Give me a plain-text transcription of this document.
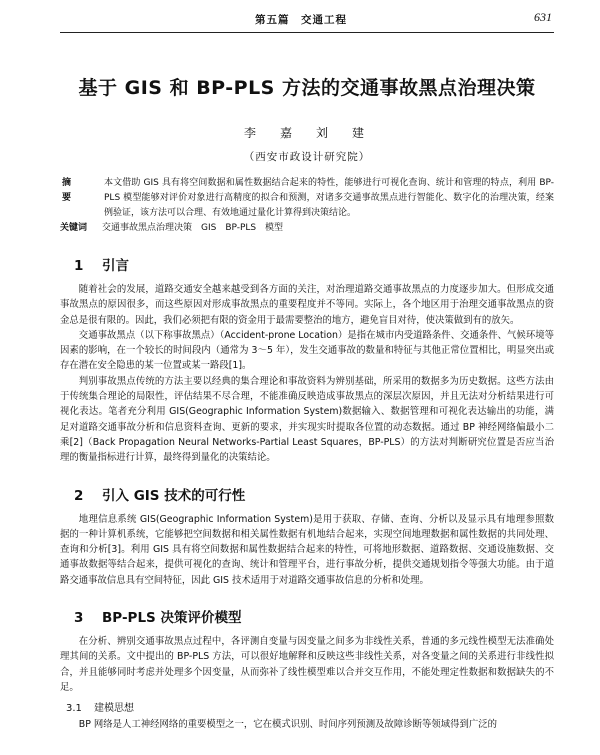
第五篇　交通工程	631
基于 GIS 和 BP-PLS 方法的交通事故黑点治理决策
李　嘉　刘　建
（西安市政设计研究院）
摘　要
本文借助 GIS 具有将空间数据和属性数据结合起来的特性，能够进行可视化查询、统计和管理的特点，利用 BP-PLS 模型能够对评价对象进行高精度的拟合和预测，对诸多交通事故黑点进行智能化、数字化的治理决策，经案例验证，该方法可以合理、有效地通过量化计算得到决策结论。
关键词	交通事故黑点治理决策　GIS　BP-PLS 模型
1 引言

随着社会的发展，道路交通安全越来越受到各方面的关注，对治理道路交通事故黑点的力度逐步加大。但形成交通事故黑点的原因很多，而这些原因对形成事故黑点的重要程度并不等同。实际上，各个地区用于治理交通事故黑点的资金总是很有限的。因此，我们必须把有限的资金用于最需要整治的地方，避免盲目对待，使决策做到有的放矢。

交通事故黑点（以下称事故黑点）（Accident-prone Location）是指在城市内受道路条件、交通条件、气候环境等因素的影响，在一个较长的时间段内（通常为 3～5 年），发生交通事故的数量和特征与其他正常位置相比，明显突出或存在潜在安全隐患的某一位置或某一路段[1]。

判别事故黑点传统的方法主要以经典的集合理论和事故资料为辨别基础，所采用的数据多为历史数据。这些方法由于传统集合理论的局限性，评估结果不尽合理，不能准确反映造成事故黑点的深层次原因，并且无法对分析结果进行可视化表达。笔者充分利用 GIS(Geographic Information System)数据输入、数据管理和可视化表达输出的功能，满足对道路交通事故分析和信息资料查询、更新的要求，并实现实时提取各位置的动态数据。通过 BP 神经网络偏最小二乘[2]（Back Propagation Neural Networks-Partial Least Squares，BP-PLS）的方法对判断研究位置是否应当治理的衡量指标进行计算，最终得到量化的决策结论。

2 引入 GIS 技术的可行性

地理信息系统 GIS(Geographic Information System)是用于获取、存储、查询、分析以及显示具有地理参照数据的一种计算机系统，它能够把空间数据和相关属性数据有机地结合起来，实现空间地理数据和属性数据的共同处理、查询和分析[3]。利用 GIS 具有将空间数据和属性数据结合起来的特性，可将地形数据、道路数据、交通设施数据、交通事故数据等结合起来，提供可视化的查询、统计和管理平台，进行事故分析，提供交通规划指令等强大功能。由于道路交通事故信息具有空间特征，因此 GIS 技术适用于对道路交通事故信息的分析和处理。

3 BP-PLS 决策评价模型

在分析、辨别交通事故黑点过程中，各评测自变量与因变量之间多为非线性关系，普通的多元线性模型无法准确处理其间的关系。文中提出的 BP-PLS 方法，可以很好地解释和反映这些非线性关系，对各变量之间的关系进行非线性拟合，并且能够同时考虑并处理多个因变量，从而弥补了线性模型难以合并交互作用，不能处理定性数据和数据缺失的不足。

3.1 建模思想

BP 网络是人工神经网络的重要模型之一，它在模式识别、时间序列预测及故障诊断等领域得到广泛的
